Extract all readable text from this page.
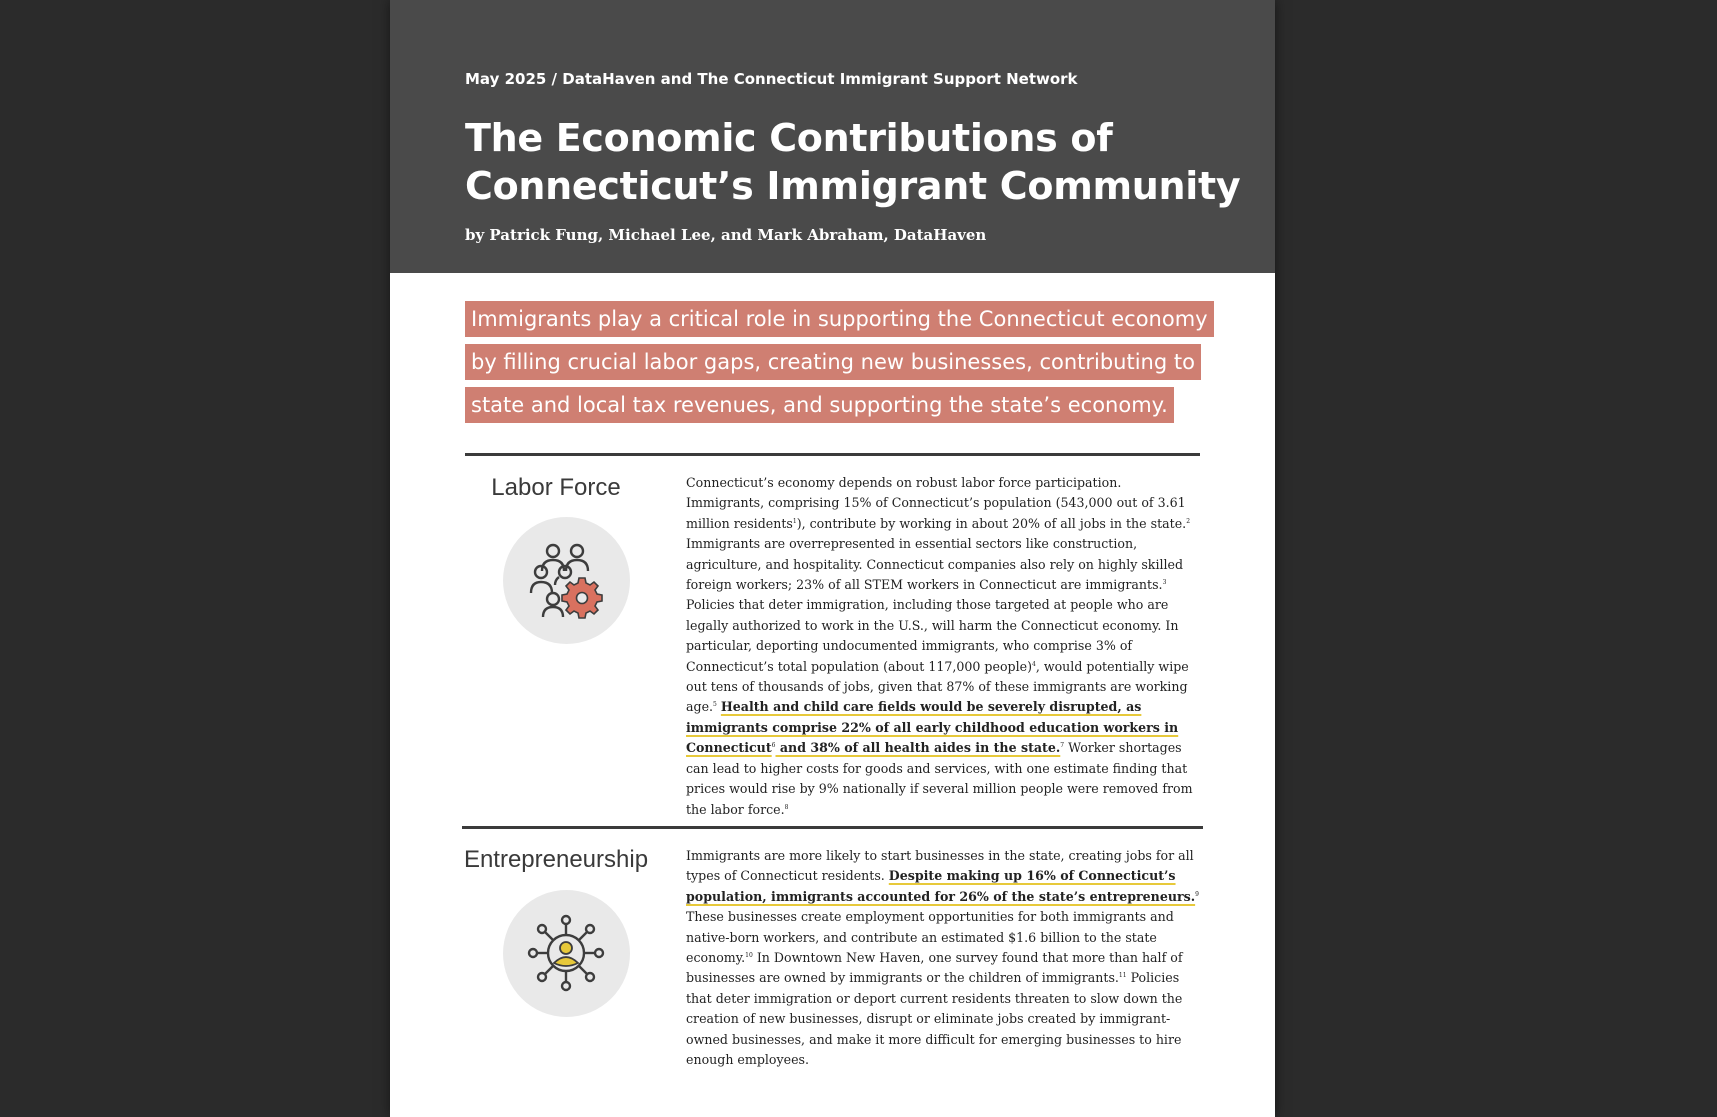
May 2025 / DataHaven and The Connecticut Immigrant Support Network
The Economic Contributions of
Connecticut’s Immigrant Community
by Patrick Fung, Michael Lee, and Mark Abraham, DataHaven
Immigrants play a critical role in supporting the Connecticut economy
by filling crucial labor gaps, creating new businesses, contributing to
state and local tax revenues, and supporting the state’s economy.
Labor Force	Connecticut’s economy depends on robust labor force participation. Immigrants, comprising 15% of Connecticut’s population (543,000 out of 3.61 million residents$^1$), contribute by working in about 20% of all jobs in the state.$^2$ Immigrants are overrepresented in essential sectors like construction, agriculture, and hospitality. Connecticut companies also rely on highly skilled foreign workers; 23% of all STEM workers in Connecticut are immigrants.$^3$ Policies that deter immigration, including those targeted at people who are legally authorized to work in the U.S., will harm the Connecticut economy. In particular, deporting undocumented immigrants, who comprise 3% of Connecticut’s total population (about 117,000 people)$^4$, would potentially wipe out tens of thousands of jobs, given that 87% of these immigrants are working age.$^5$ Health and child care fields would be severely disrupted, as immigrants comprise 22% of all early childhood education workers in Connecticut$^6$ and 38% of all health aides in the state.$^7$ Worker shortages can lead to higher costs for goods and services, with one estimate finding that prices would rise by 9% nationally if several million people were removed from the labor force.$^8$

Entrepreneurship	Immigrants are more likely to start businesses in the state, creating jobs for all types of Connecticut residents. Despite making up 16% of Connecticut’s population, immigrants accounted for 26% of the state’s entrepreneurs.$^9$ These businesses create employment opportunities for both immigrants and native-born workers, and contribute an estimated $1.6 billion to the state economy.$^{10}$ In Downtown New Haven, one survey found that more than half of businesses are owned by immigrants or the children of immigrants.$^{11}$ Policies that deter immigration or deport current residents threaten to slow down the creation of new businesses, disrupt or eliminate jobs created by immigrant-owned businesses, and make it more difficult for emerging businesses to hire enough employees.
